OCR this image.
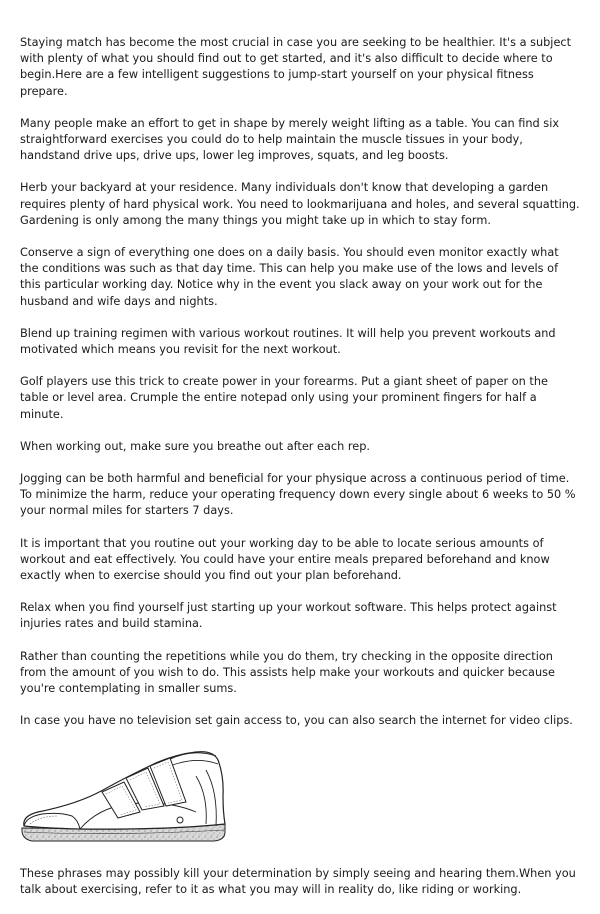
Staying match has become the most crucial in case you are seeking to be healthier. It's a subject with plenty of what you should find out to get started, and it's also difficult to decide where to begin.Here are a few intelligent suggestions to jump-start yourself on your physical fitness prepare.

Many people make an effort to get in shape by merely weight lifting as a table. You can find six straightforward exercises you could do to help maintain the muscle tissues in your body, handstand drive ups, drive ups, lower leg improves, squats, and leg boosts.

Herb your backyard at your residence. Many individuals don't know that developing a garden requires plenty of hard physical work. You need to lookmarijuana and holes, and several squatting. Gardening is only among the many things you might take up in which to stay form.

Conserve a sign of everything one does on a daily basis. You should even monitor exactly what the conditions was such as that day time. This can help you make use of the lows and levels of this particular working day. Notice why in the event you slack away on your work out for the husband and wife days and nights.

Blend up training regimen with various workout routines. It will help you prevent workouts and motivated which means you revisit for the next workout.

Golf players use this trick to create power in your forearms. Put a giant sheet of paper on the table or level area. Crumple the entire notepad only using your prominent fingers for half a minute.

When working out, make sure you breathe out after each rep.

Jogging can be both harmful and beneficial for your physique across a continuous period of time. To minimize the harm, reduce your operating frequency down every single about 6 weeks to 50 % your normal miles for starters 7 days.

It is important that you routine out your working day to be able to locate serious amounts of workout and eat effectively. You could have your entire meals prepared beforehand and know exactly when to exercise should you find out your plan beforehand.

Relax when you find yourself just starting up your workout software. This helps protect against injuries rates and build stamina.

Rather than counting the repetitions while you do them, try checking in the opposite direction from the amount of you wish to do. This assists help make your workouts and quicker because you're contemplating in smaller sums.

In case you have no television set gain access to, you can also search the internet for video clips.

These phrases may possibly kill your determination by simply seeing and hearing them.When you talk about exercising, refer to it as what you may will in reality do, like riding or working.
